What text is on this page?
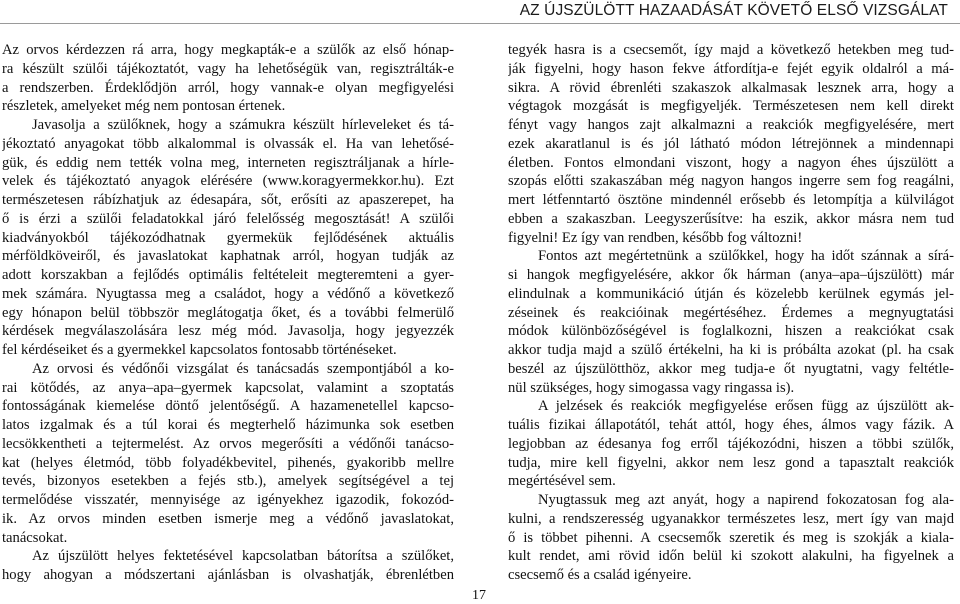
AZ ÚJSZÜLÖTT HAZAADÁSÁT KÖVETŐ ELSŐ VIZSGÁLAT

Az orvos kérdezzen rá arra, hogy megkapták-e a szülők az első hónap-
ra készült szülői tájékoztatót, vagy ha lehetőségük van, regisztrálták-e
a rendszerben. Érdeklődjön arról, hogy vannak-e olyan megfigyelési
részletek, amelyeket még nem pontosan értenek.

Javasolja a szülőknek, hogy a számukra készült hírleveleket és tá-
jékoztató anyagokat több alkalommal is olvassák el. Ha van lehetősé-
gük, és eddig nem tették volna meg, interneten regisztráljanak a hírle-
velek és tájékoztató anyagok elérésére (www.koragyermekkor.hu). Ezt
természetesen rábízhatjuk az édesapára, sőt, erősíti az apaszerepet, ha
ő is érzi a szülői feladatokkal járó felelősség megosztását! A szülői
kiadványokból tájékozódhatnak gyermekük fejlődésének aktuális
mérföldköveiről, és javaslatokat kaphatnak arról, hogyan tudják az
adott korszakban a fejlődés optimális feltételeit megteremteni a gyer-
mek számára. Nyugtassa meg a családot, hogy a védőnő a következő
egy hónapon belül többször meglátogatja őket, és a további felmerülő
kérdések megválaszolására lesz még mód. Javasolja, hogy jegyezzék
fel kérdéseiket és a gyermekkel kapcsolatos fontosabb történéseket.

Az orvosi és védőnői vizsgálat és tanácsadás szempontjából a ko-
rai kötődés, az anya–apa–gyermek kapcsolat, valamint a szoptatás
fontosságának kiemelése döntő jelentőségű. A hazamenetellel kapcso-
latos izgalmak és a túl korai és megterhelő házimunka sok esetben
lecsökkentheti a tejtermelést. Az orvos megerősíti a védőnői tanácso-
kat (helyes életmód, több folyadékbevitel, pihenés, gyakoribb mellre
tevés, bizonyos esetekben a fejés stb.), amelyek segítségével a tej
termelődése visszatér, mennyisége az igényekhez igazodik, fokozód-
ik. Az orvos minden esetben ismerje meg a védőnő javaslatokat,
tanácsokat.

Az újszülött helyes fektetésével kapcsolatban bátorítsa a szülőket,
hogy ahogyan a módszertani ajánlásban is olvashatják, ébrenlétben

tegyék hasra is a csecsemőt, így majd a következő hetekben meg tud-
ják figyelni, hogy hason fekve átfordítja-e fejét egyik oldalról a má-
sikra. A rövid ébrenléti szakaszok alkalmasak lesznek arra, hogy a
végtagok mozgását is megfigyeljék. Természetesen nem kell direkt
fényt vagy hangos zajt alkalmazni a reakciók megfigyelésére, mert
ezek akaratlanul is és jól látható módon létrejönnek a mindennapi
életben. Fontos elmondani viszont, hogy a nagyon éhes újszülött a
szopás előtti szakaszában még nagyon hangos ingerre sem fog reagálni,
mert létfenntartó ösztöne mindennél erősebb és letompítja a külvilágot
ebben a szakaszban. Leegyszerűsítve: ha eszik, akkor másra nem tud
figyelni! Ez így van rendben, később fog változni!

Fontos azt megértetnünk a szülőkkel, hogy ha időt szánnak a sírá-
si hangok megfigyelésére, akkor ők hárman (anya–apa–újszülött) már
elindulnak a kommunikáció útján és közelebb kerülnek egymás jel-
zéseinek és reakcióinak megértéséhez. Érdemes a megnyugtatási
módok különbözőségével is foglalkozni, hiszen a reakciókat csak
akkor tudja majd a szülő értékelni, ha ki is próbálta azokat (pl. ha csak
beszél az újszülötthöz, akkor meg tudja-e őt nyugtatni, vagy feltétle-
nül szükséges, hogy simogassa vagy ringassa is).

A jelzések és reakciók megfigyelése erősen függ az újszülött ak-
tuális fizikai állapotától, tehát attól, hogy éhes, álmos vagy fázik. A
legjobban az édesanya fog erről tájékozódni, hiszen a többi szülők,
tudja, mire kell figyelni, akkor nem lesz gond a tapasztalt reakciók
megértésével sem.

Nyugtassuk meg azt anyát, hogy a napirend fokozatosan fog ala-
kulni, a rendszeresség ugyanakkor természetes lesz, mert így van majd
ő is többet pihenni. A csecsemők szeretik és meg is szokják a kiala-
kult rendet, ami rövid időn belül ki szokott alakulni, ha figyelnek a
csecsemő és a család igényeire.

17
